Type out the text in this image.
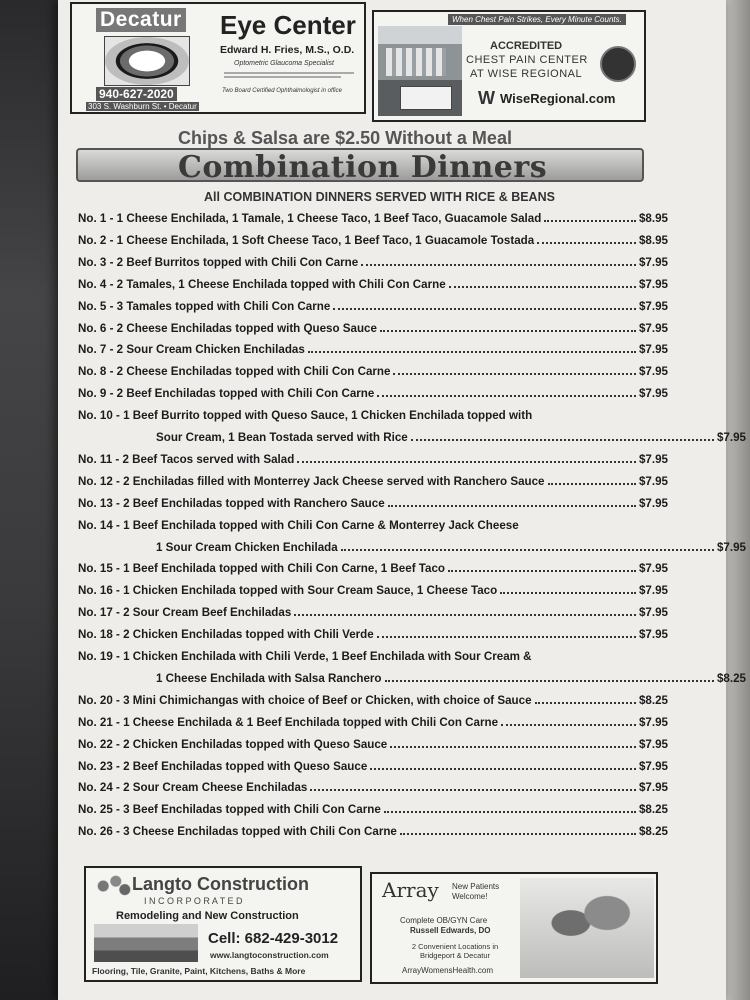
Decatur
940-627-2020
303 S. Washburn St. • Decatur
Eye Center
Edward H. Fries, M.S., O.D.
Optometric Glaucoma Specialist
Two Board Certified Ophthalmologist in office
When Chest Pain Strikes, Every Minute Counts.
ACCREDITED
CHEST PAIN CENTER
AT WISE REGIONAL
W WiseRegional.com
Chips & Salsa are $2.50 Without a Meal
Combination Dinners
All COMBINATION DINNERS SERVED WITH RICE & BEANS
No. 1 - 1 Cheese Enchilada, 1 Tamale, 1 Cheese Taco, 1 Beef Taco, Guacamole Salad	$8.95
No. 2 - 1 Cheese Enchilada, 1 Soft Cheese Taco, 1 Beef Taco, 1 Guacamole Tostada	$8.95
No. 3 - 2 Beef Burritos topped with Chili Con Carne	$7.95
No. 4 - 2 Tamales, 1 Cheese Enchilada topped with Chili Con Carne	$7.95
No. 5 - 3 Tamales topped with Chili Con Carne	$7.95
No. 6 - 2 Cheese Enchiladas topped with Queso Sauce	$7.95
No. 7 - 2 Sour Cream Chicken Enchiladas	$7.95
No. 8 - 2 Cheese Enchiladas topped with Chili Con Carne	$7.95
No. 9 - 2 Beef Enchiladas topped with Chili Con Carne	$7.95
No. 10 - 1 Beef Burrito topped with Queso Sauce, 1 Chicken Enchilada topped with
Sour Cream, 1 Bean Tostada served with Rice	$7.95
No. 11 - 2 Beef Tacos served with Salad	$7.95
No. 12 - 2 Enchiladas filled with Monterrey Jack Cheese served with Ranchero Sauce	$7.95
No. 13 - 2 Beef Enchiladas topped with Ranchero Sauce	$7.95
No. 14 - 1 Beef Enchilada topped with Chili Con Carne & Monterrey Jack Cheese
1 Sour Cream Chicken Enchilada	$7.95
No. 15 - 1 Beef Enchilada topped with Chili Con Carne, 1 Beef Taco	$7.95
No. 16 - 1 Chicken Enchilada topped with Sour Cream Sauce, 1 Cheese Taco	$7.95
No. 17 - 2 Sour Cream Beef Enchiladas	$7.95
No. 18 - 2 Chicken Enchiladas topped with Chili Verde	$7.95
No. 19 - 1 Chicken Enchilada with Chili Verde, 1 Beef Enchilada with Sour Cream &
1 Cheese Enchilada with Salsa Ranchero	$8.25
No. 20 - 3 Mini Chimichangas with choice of Beef or Chicken, with choice of Sauce	$8.25
No. 21 - 1 Cheese Enchilada & 1 Beef Enchilada topped with Chili Con Carne	$7.95
No. 22 - 2 Chicken Enchiladas topped with Queso Sauce	$7.95
No. 23 - 2 Beef Enchiladas topped with Queso Sauce	$7.95
No. 24 - 2 Sour Cream Cheese Enchiladas	$7.95
No. 25 - 3 Beef Enchiladas topped with Chili Con Carne	$8.25
No. 26 - 3 Cheese Enchiladas topped with Chili Con Carne	$8.25
Langto Construction
I N C O R P O R A T E D
Remodeling and New Construction
Cell: 682-429-3012
www.langtoconstruction.com
Flooring, Tile, Granite, Paint, Kitchens, Baths & More
Array New Patients Welcome!
Complete OB/GYN Care
Russell Edwards, DO
2 Convenient Locations in Bridgeport & Decatur
ArrayWomensHealth.com
